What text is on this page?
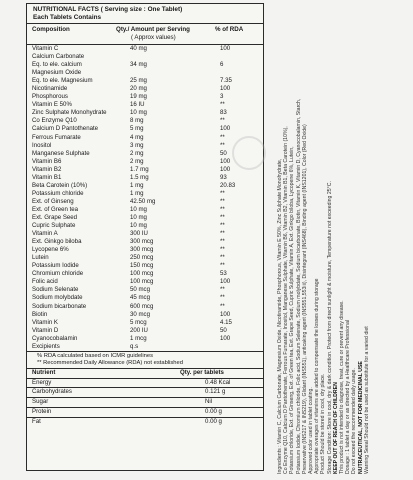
NUTRITIONAL FACTS ( Serving size : One Tablet)
Each Tablets Contains
Composition	Qty./ Amount per Serving
( Approx values)
% of RDA
Vitamin C	40 mg	100
Calcium Carbonate
Eq. to ele. calcium	34 mg	6
Magnesium Oxide
Eq. to ele. Magnesium	25 mg	7.35
Nicotinamide	20 mg	100
Phosphorous	19 mg	3
Vitamin E 50%	16 IU	**
Zinc Sulphate Monohydrate	10 mg	83
Co Enzyme Q10	8 mg	**
Calcium D Pantothenate	5 mg	100
Ferrous Fumarate	4 mg	**
Inositol	3 mg	**
Manganese Sulphate	2 mg	50
Vitamin B6	2 mg	100
Vitamin B2	1.7 mg	100
Vitamin B1	1.5 mg	93
Beta Carotein (10%)	1 mg	20.83
Potassium chloride	1 mg	**
Ext. of Ginseng	42.50 mg	**
Ext. of Green tea	10 mg	**
Ext. Grape Seed	10 mg	**
Cupric Sulphate	10 mg	**
Vitamin A	300 IU	**
Ext. Ginkgo biloba	300 mcg	**
Lycopene 6%	300 mcg	**
Lutein	250 mcg	**
Potassium Iodide	150 mcg	**
Chromium chloride	100 mcg	53
Folic acid	100 mcg	100
Sodium Selenate	50 mcg	**
Sodium molybdate	45 mcg	**
Sodium bicarbonate	600 mcg	**
Biotin	30 mcg	100
Vitamin K	5 mcg	4.15
Vitamin D	200 IU	50
Cyanocobalamin	1 mcg	100
Excipients	q.s
% RDA calculated based on ICMR guidelines
** Recommended Daily Allowance (RDA) not established
Nutrient	Qty. per tablets
Energy	0.48 Kcal
Carbohydrates	0.121 g
Sugar	Nil
Protein	0.00 g
Fat	0.00 g	Ingredients : Vitamin C, Calcium Carbonate, Magnesium Oxide, Nicotinamide, Phosphorous, Vitamin E 50%, Zinc Sulphate Monohydrate, Co Enzyme Q10, Calcium D Pantothenate, Ferrous Fumarate, Inositol, Manganese Sulphate, Vitamin B6, Vitamin B2, Vitamin B1, Beta Carotein (10%), Potassium chloride, Ext. of Ginseng, Ext. of Green tea, Ext. Grape Seed, Cupric Sulphate, Vitamin A, Ext. Ginkgo biloba, Lycopene 6%, Lutein, Potassium Iodide, Chromium chloride, Folic acid, Sodium Selenate, Sodium molybdate, Sodium bicarbonate, Biotin, Vitamin K, Vitamin D, Cyanocobalamin, Starch, Preservative (INS217 & INS219), Glidant (INS551), anticaking agent (INS551,553iii), Disintegrant (INS468), Binding agent (INS1201), Color (Red Oxide) Approved color used in tablet coating. Appropriate overages of vitamins are added to compensate the losses during storage Product Should be stored in cool, dry place. Storage Condition: Store in cool, dry & dark condition. Protect from direct sunlight & moisture, Temperature not exceeding 25°C. KEEP OUT OF REACH OF CHILDREN This product is not intended to diagnose, treat, cure or prevent any disease. Dosage : 1 tablet a day or as directed by a Healthcare Professional Do not exceed the recommended daily usage. NUTRACEUTICAL, NOT FOR MEDICINAL USE Warning Seeal Should not be used as substitute for a varied diet
